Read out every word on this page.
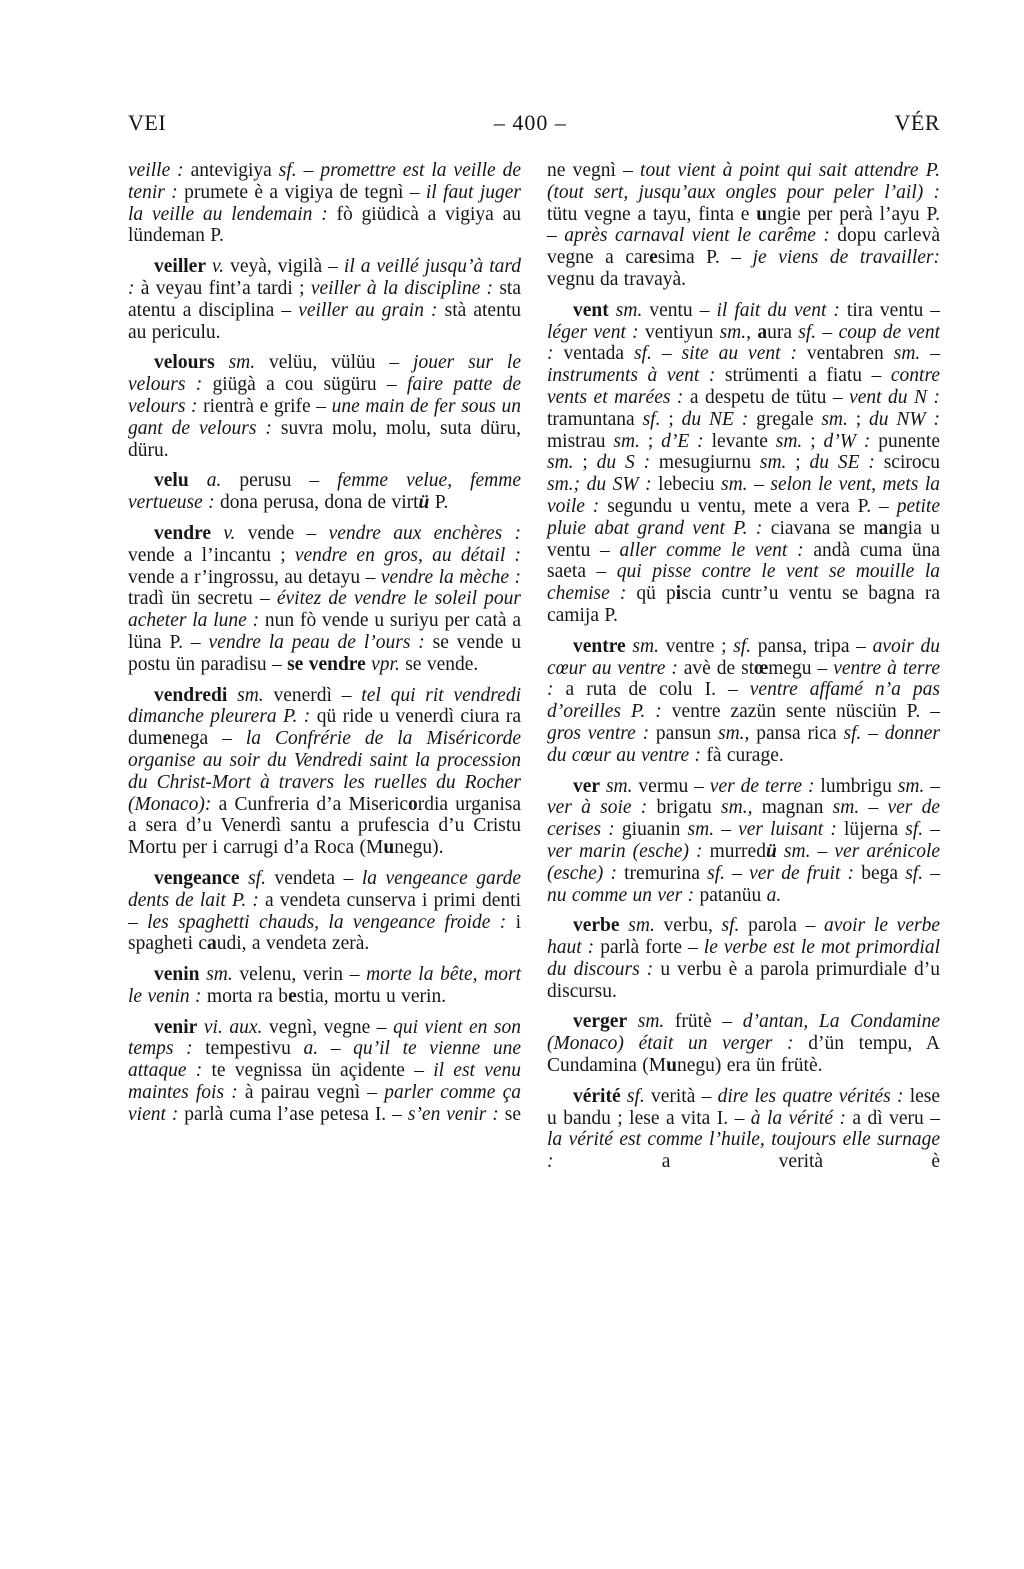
VEI	– 400 –	VÉR

veille : antevigiya sf. – promettre est la veille de tenir : prumete è a vigiya de tegnì – il faut juger la veille au lendemain : fò giüdicà a vigiya au lündeman P.

veiller v. veyà, vigilà – il a veillé jusqu’à tard : à veyau fint’a tardi ; veiller à la discipline : sta atentu a disciplina – veiller au grain : stà atentu au periculu.

velours sm. velüu, vülüu – jouer sur le velours : giügà a cou sügüru – faire patte de velours : rientrà e grife – une main de fer sous un gant de velours : suvra molu, molu, suta düru, düru.

velu a. perusu – femme velue, femme vertueuse : dona perusa, dona de virtü P.

vendre v. vende – vendre aux enchères : vende a l’incantu ; vendre en gros, au détail : vende a r’ingrossu, au detayu – vendre la mèche : tradì ün secretu – évitez de vendre le soleil pour acheter la lune : nun fò vende u suriyu per catà a lüna P. – vendre la peau de l’ours : se vende u postu ün paradisu – se vendre vpr. se vende.

vendredi sm. venerdì – tel qui rit vendredi dimanche pleurera P. : qü ride u venerdì ciura ra dumenega – la Confrérie de la Miséricorde organise au soir du Vendredi saint la procession du Christ-Mort à travers les ruelles du Rocher (Monaco): a Cunfreria d’a Misericordia urganisa a sera d’u Venerdì santu a prufescia d’u Cristu Mortu per i carrugi d’a Roca (Munegu).

vengeance sf. vendeta – la vengeance garde dents de lait P. : a vendeta cunserva i primi denti – les spaghetti chauds, la vengeance froide : i spagheti caudi, a vendeta zerà.

venin sm. velenu, verin – morte la bête, mort le venin : morta ra bestia, mortu u verin.

venir vi. aux. vegnì, vegne – qui vient en son temps : tempestivu a. – qu’il te vienne une attaque : te vegnissa ün açidente – il est venu maintes fois : à pairau vegnì – parler comme ça vient : parlà cuma l’ase petesa I. – s’en venir : se

ne vegnì – tout vient à point qui sait attendre P. (tout sert, jusqu’aux ongles pour peler l’ail) : tütu vegne a tayu, finta e ungie per perà l’ayu P. – après carnaval vient le carême : dopu carlevà vegne a caresima P. – je viens de travailler: vegnu da travayà.

vent sm. ventu – il fait du vent : tira ventu – léger vent : ventiyun sm., aura sf. – coup de vent : ventada sf. – site au vent : ventabren sm. – instruments à vent : strümenti a fiatu – contre vents et marées : a despetu de tütu – vent du N : tramuntana sf. ; du NE : gregale sm. ; du NW : mistrau sm. ; d’E : levante sm. ; d’W : punente sm. ; du S : mesugiurnu sm. ; du SE : scirocu sm.; du SW : lebeciu sm. – selon le vent, mets la voile : segundu u ventu, mete a vera P. – petite pluie abat grand vent P. : ciavana se mangia u ventu – aller comme le vent : andà cuma üna saeta – qui pisse contre le vent se mouille la chemise : qü piscia cuntr’u ventu se bagna ra camija P.

ventre sm. ventre ; sf. pansa, tripa – avoir du cœur au ventre : avè de stœmegu – ventre à terre : a ruta de colu I. – ventre affamé n’a pas d’oreilles P. : ventre zazün sente nüsciün P. – gros ventre : pansun sm., pansa rica sf. – donner du cœur au ventre : fà curage.

ver sm. vermu – ver de terre : lumbrigu sm. – ver à soie : brigatu sm., magnan sm. – ver de cerises : giuanin sm. – ver luisant : lüjerna sf. – ver marin (esche) : murredü sm. – ver arénicole (esche) : tremurina sf. – ver de fruit : bega sf. – nu comme un ver : patanüu a.

verbe sm. verbu, sf. parola – avoir le verbe haut : parlà forte – le verbe est le mot primordial du discours : u verbu è a parola primurdiale d’u discursu.

verger sm. frütè – d’antan, La Condamine (Monaco) était un verger : d’ün tempu, A Cundamina (Munegu) era ün frütè.

vérité sf. verità – dire les quatre vérités : lese u bandu ; lese a vita I. – à la vérité : a dì veru – la vérité est comme l’huile, toujours elle surnage : a verità è
